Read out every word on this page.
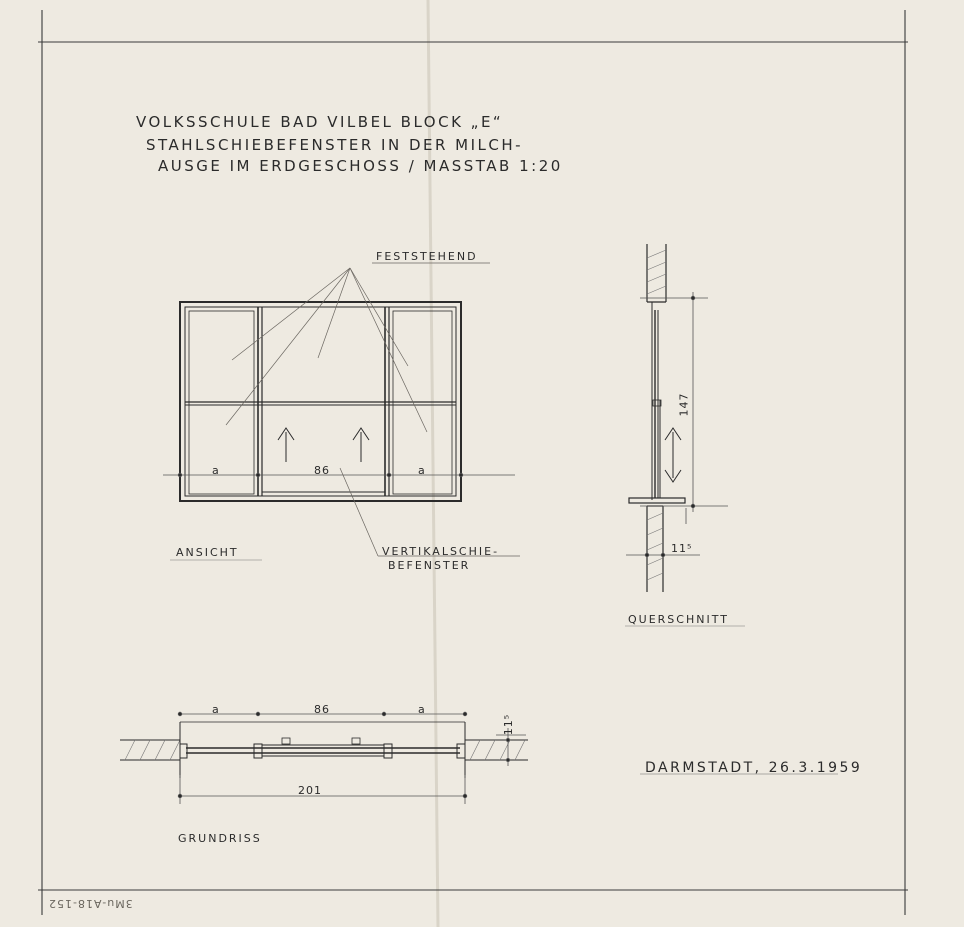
VOLKSSCHULE BAD VILBEL BLOCK „E“
STAHLSCHIEBEFENSTER IN DER MILCH-
AUSGE IM ERDGESCHOSS / MASSTAB 1:20
FESTSTEHEND
VERTIKALSCHIE-
BEFENSTER
ANSICHT
QUERSCHNITT
GRUNDRISS
a	86	a
147
11⁵
a	86	a
201
11⁵
DARMSTADT, 26.3.1959
3Mu-A18-152
